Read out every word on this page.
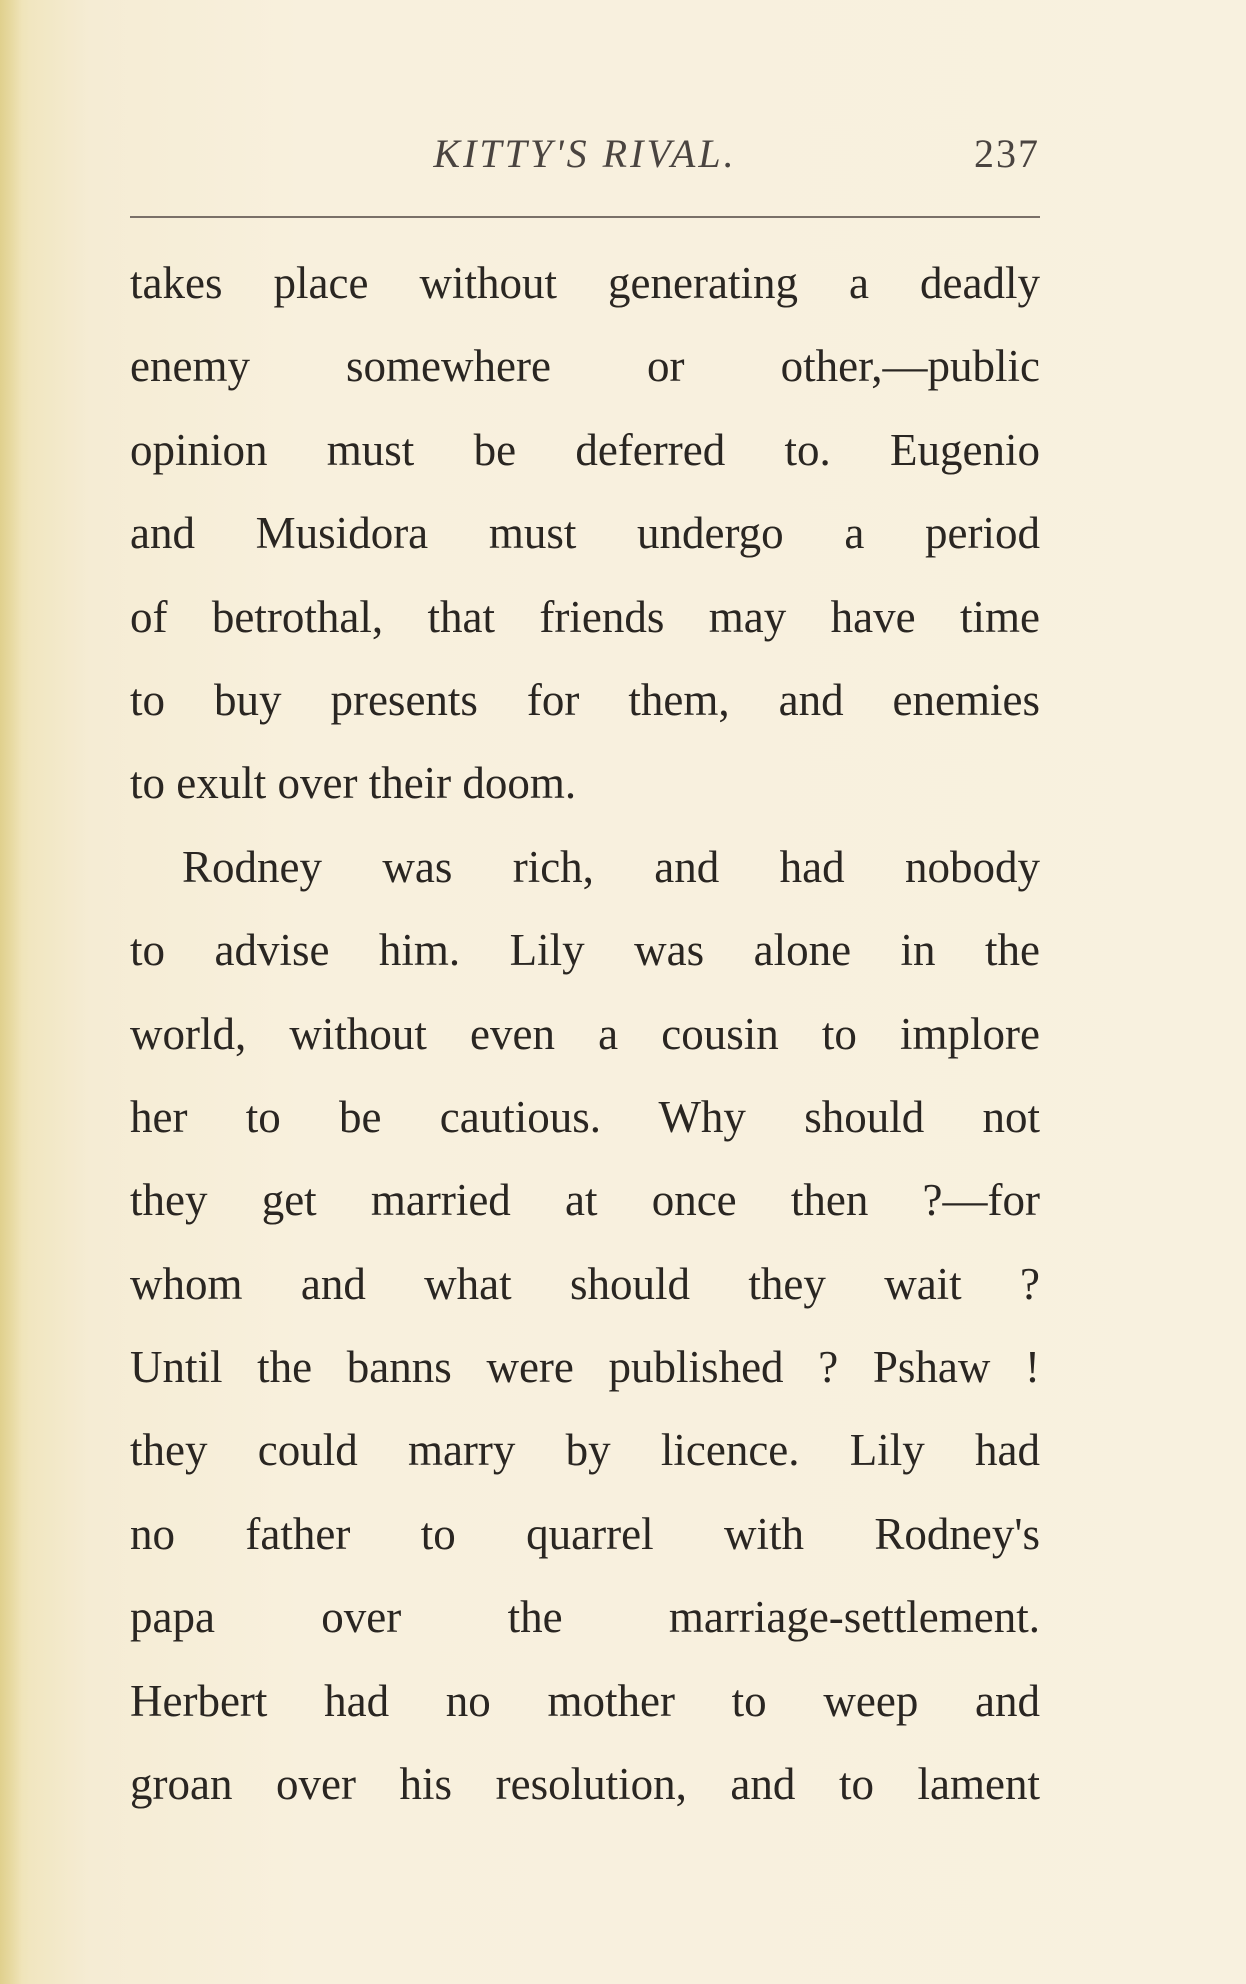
KITTY'S RIVAL.	237
takes place without generating a deadly
enemy somewhere or other,—public
opinion must be deferred to. Eugenio
and Musidora must undergo a period
of betrothal, that friends may have time
to buy presents for them, and enemies
to exult over their doom.
Rodney was rich, and had nobody
to advise him. Lily was alone in the
world, without even a cousin to implore
her to be cautious. Why should not
they get married at once then ?—for
whom and what should they wait ?
Until the banns were published ? Pshaw !
they could marry by licence. Lily had
no father to quarrel with Rodney's
papa over the marriage-settlement.
Herbert had no mother to weep and
groan over his resolution, and to lament
